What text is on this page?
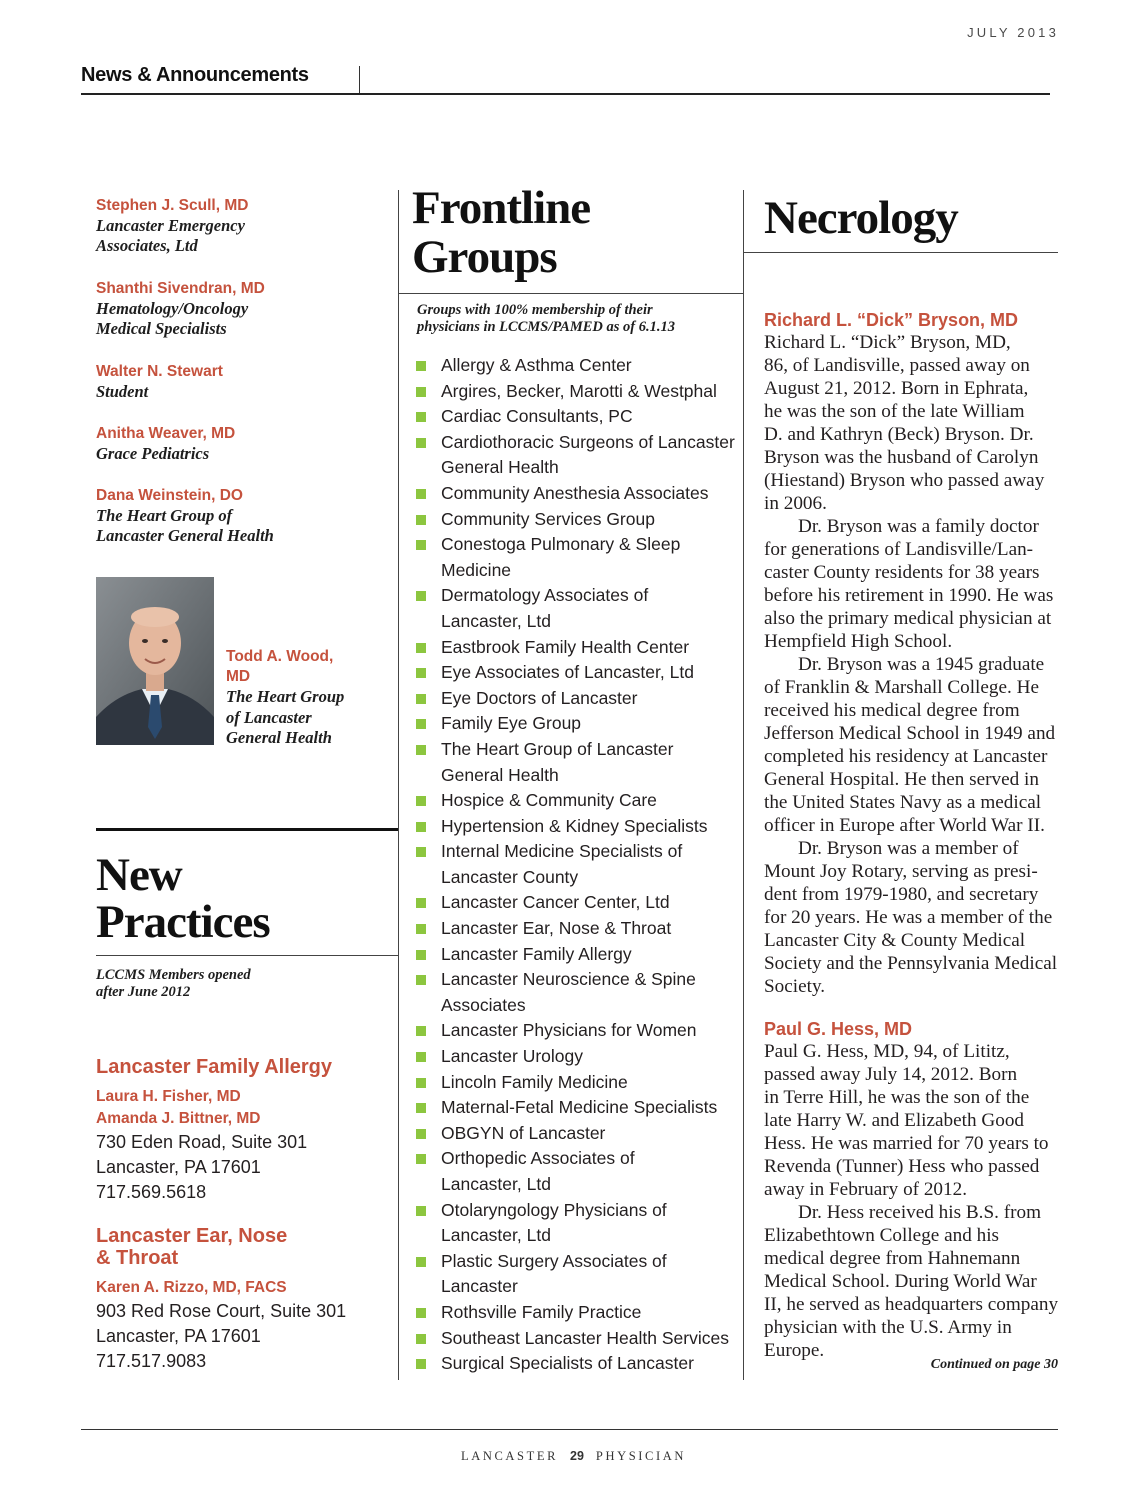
JULY 2013
News & Announcements
Stephen J. Scull, MD
Lancaster Emergency
Associates, Ltd
Shanthi Sivendran, MD
Hematology/Oncology
Medical Specialists
Walter N. Stewart
Student
Anitha Weaver, MD
Grace Pediatrics
Dana Weinstein, DO
The Heart Group of
Lancaster General Health
Todd A. Wood,
MD
The Heart Group
of Lancaster
General Health
New
Practices
LCCMS Members opened
after June 2012
Lancaster Family Allergy
Laura H. Fisher, MD
Amanda J. Bittner, MD
730 Eden Road, Suite 301
Lancaster, PA 17601
717.569.5618
Lancaster Ear, Nose
& Throat
Karen A. Rizzo, MD, FACS
903 Red Rose Court, Suite 301
Lancaster, PA 17601
717.517.9083
Frontline
Groups
Groups with 100% membership of their
physicians in LCCMS/PAMED as of 6.1.13
Allergy & Asthma Center
Argires, Becker, Marotti & Westphal
Cardiac Consultants, PC
Cardiothoracic Surgeons of Lancaster
General Health
Community Anesthesia Associates
Community Services Group
Conestoga Pulmonary & Sleep
Medicine
Dermatology Associates of
Lancaster, Ltd
Eastbrook Family Health Center
Eye Associates of Lancaster, Ltd
Eye Doctors of Lancaster
Family Eye Group
The Heart Group of Lancaster
General Health
Hospice & Community Care
Hypertension & Kidney Specialists
Internal Medicine Specialists of
Lancaster County
Lancaster Cancer Center, Ltd
Lancaster Ear, Nose & Throat
Lancaster Family Allergy
Lancaster Neuroscience & Spine
Associates
Lancaster Physicians for Women
Lancaster Urology
Lincoln Family Medicine
Maternal-Fetal Medicine Specialists
OBGYN of Lancaster
Orthopedic Associates of
Lancaster, Ltd
Otolaryngology Physicians of
Lancaster, Ltd
Plastic Surgery Associates of
Lancaster
Rothsville Family Practice
Southeast Lancaster Health Services
Surgical Specialists of Lancaster
Necrology
Richard L. “Dick” Bryson, MD
Richard L. “Dick” Bryson, MD,
86, of Landisville, passed away on
August 21, 2012. Born in Ephrata,
he was the son of the late William
D. and Kathryn (Beck) Bryson. Dr.
Bryson was the husband of Carolyn
(Hiestand) Bryson who passed away
in 2006.
Dr. Bryson was a family doctor
for generations of Landisville/Lan-
caster County residents for 38 years
before his retirement in 1990. He was
also the primary medical physician at
Hempfield High School.
Dr. Bryson was a 1945 graduate
of Franklin & Marshall College. He
received his medical degree from
Jefferson Medical School in 1949 and
completed his residency at Lancaster
General Hospital. He then served in
the United States Navy as a medical
officer in Europe after World War II.
Dr. Bryson was a member of
Mount Joy Rotary, serving as presi-
dent from 1979-1980, and secretary
for 20 years. He was a member of the
Lancaster City & County Medical
Society and the Pennsylvania Medical
Society.
Paul G. Hess, MD
Paul G. Hess, MD, 94, of Lititz,
passed away July 14, 2012. Born
in Terre Hill, he was the son of the
late Harry W. and Elizabeth Good
Hess. He was married for 70 years to
Revenda (Tunner) Hess who passed
away in February of 2012.
Dr. Hess received his B.S. from
Elizabethtown College and his
medical degree from Hahnemann
Medical School. During World War
II, he served as headquarters company
physician with the U.S. Army in
Europe.
Continued on page 30
LANCASTER 29 PHYSICIAN
